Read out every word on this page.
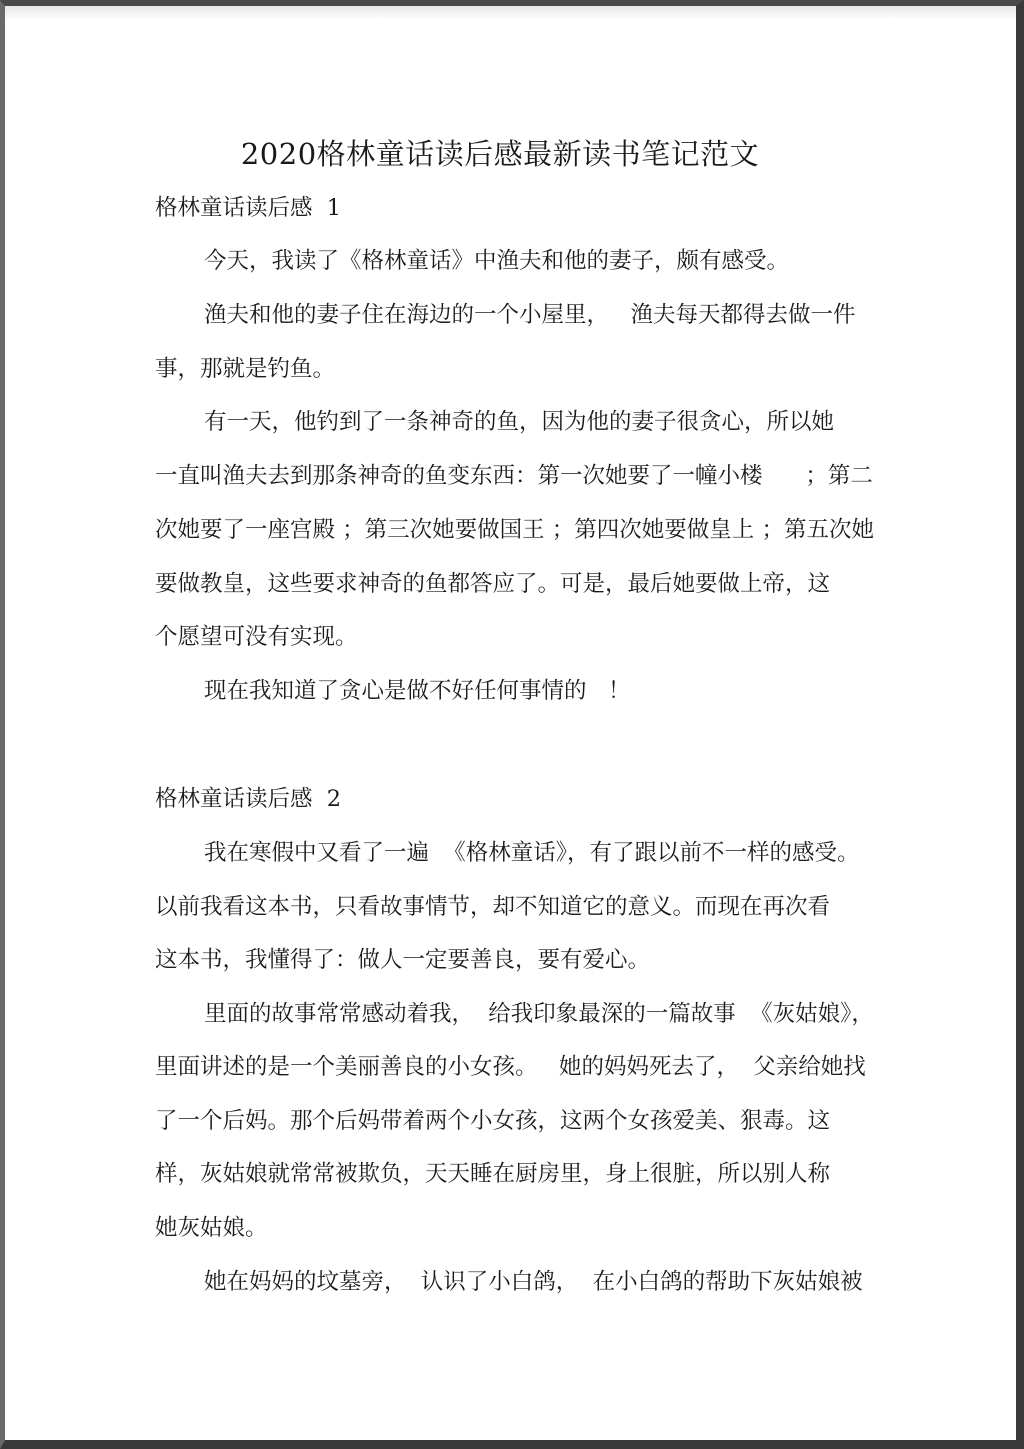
2020格林童话读后感最新读书笔记范文

格林童话读后感  1

今天，我读了《格林童话》中渔夫和他的妻子，颇有感受。

渔夫和他的妻子住在海边的一个小屋里，   渔夫每天都得去做一件

事，那就是钓鱼。

有一天，他钓到了一条神奇的鱼，因为他的妻子很贪心，所以她

一直叫渔夫去到那条神奇的鱼变东西：第一次她要了一幢小楼      ；第二

次她要了一座宫殿 ；第三次她要做国王 ；第四次她要做皇上 ；第五次她

要做教皇，这些要求神奇的鱼都答应了。可是，最后她要做上帝，这

个愿望可没有实现。

现在我知道了贪心是做不好任何事情的   ！

格林童话读后感  2

我在寒假中又看了一遍  《格林童话》，有了跟以前不一样的感受。

以前我看这本书，只看故事情节，却不知道它的意义。而现在再次看

这本书，我懂得了：做人一定要善良，要有爱心。

里面的故事常常感动着我，  给我印象最深的一篇故事  《灰姑娘》，

里面讲述的是一个美丽善良的小女孩。   她的妈妈死去了，  父亲给她找

了一个后妈。那个后妈带着两个小女孩，这两个女孩爱美、狠毒。这

样，灰姑娘就常常被欺负，天天睡在厨房里，身上很脏，所以别人称

她灰姑娘。

她在妈妈的坟墓旁，  认识了小白鸽，  在小白鸽的帮助下灰姑娘被
